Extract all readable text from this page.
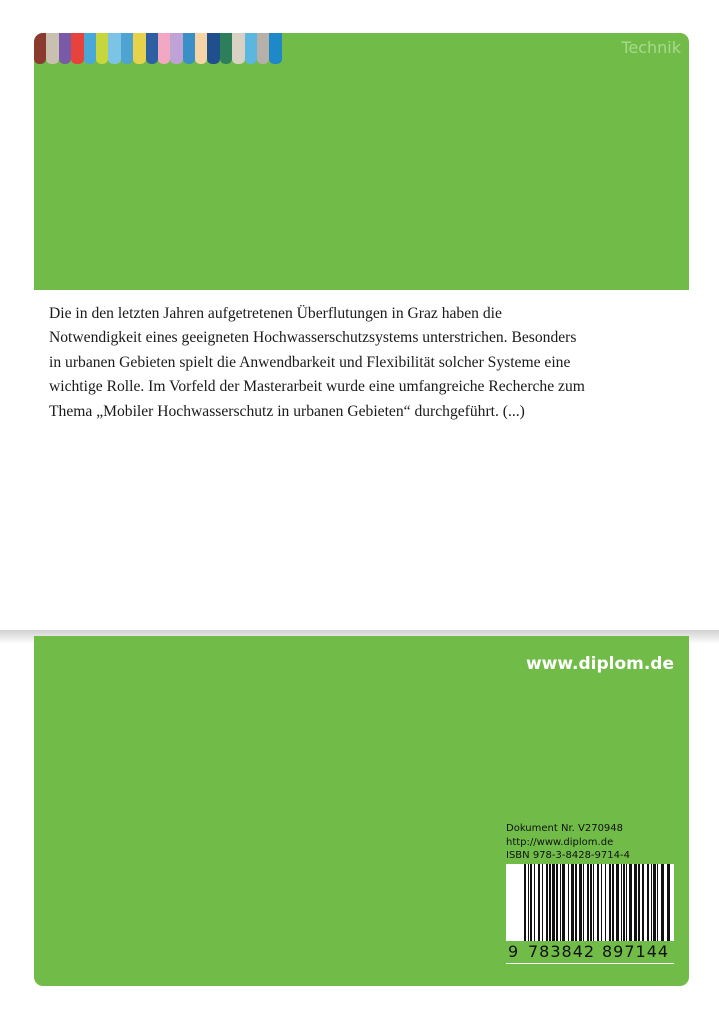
Technik

Die in den letzten Jahren aufgetretenen Überflutungen in Graz haben die Notwendigkeit eines geeigneten Hochwasserschutzsystems unterstrichen. Besonders in urbanen Gebieten spielt die Anwendbarkeit und Flexibilität solcher Systeme eine wichtige Rolle. Im Vorfeld der Masterarbeit wurde eine umfangreiche Recherche zum Thema „Mobiler Hochwasserschutz in urbanen Gebieten“ durchgeführt. (...)

www.diplom.de
Dokument Nr. V270948
http://www.diplom.de
ISBN 978-3-8428-9714-4
9 783842 897144
